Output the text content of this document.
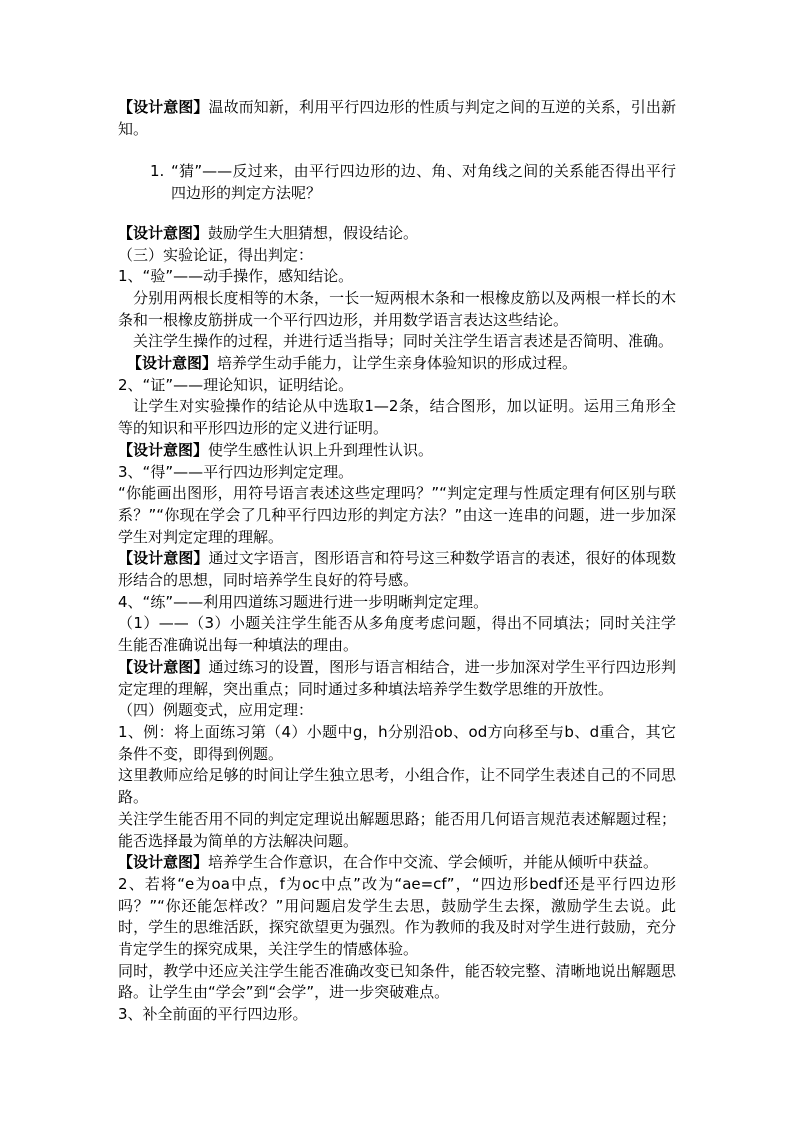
【设计意图】温故而知新，利用平行四边形的性质与判定之间的互逆的关系，引出新知。

1. “猜”——反过来，由平行四边形的边、角、对角线之间的关系能否得出平行四边形的判定方法呢？

【设计意图】鼓励学生大胆猜想，假设结论。

（三）实验论证，得出判定：

1、“验”——动手操作，感知结论。

分别用两根长度相等的木条，一长一短两根木条和一根橡皮筋以及两根一样长的木条和一根橡皮筋拼成一个平行四边形，并用数学语言表达这些结论。

关注学生操作的过程，并进行适当指导；同时关注学生语言表述是否简明、准确。

【设计意图】培养学生动手能力，让学生亲身体验知识的形成过程。

2、“证”——理论知识，证明结论。

让学生对实验操作的结论从中选取1—2条，结合图形，加以证明。运用三角形全等的知识和平形四边形的定义进行证明。

【设计意图】使学生感性认识上升到理性认识。

3、“得”——平行四边形判定定理。

“你能画出图形，用符号语言表述这些定理吗？”“判定定理与性质定理有何区别与联系？”“你现在学会了几种平行四边形的判定方法？”由这一连串的问题，进一步加深学生对判定定理的理解。

【设计意图】通过文字语言，图形语言和符号这三种数学语言的表述，很好的体现数形结合的思想，同时培养学生良好的符号感。

4、“练”——利用四道练习题进行进一步明晰判定定理。

（1）——（3）小题关注学生能否从多角度考虑问题，得出不同填法；同时关注学生能否准确说出每一种填法的理由。

【设计意图】通过练习的设置，图形与语言相结合，进一步加深对学生平行四边形判定定理的理解，突出重点；同时通过多种填法培养学生数学思维的开放性。

（四）例题变式，应用定理：

1、例：将上面练习第（4）小题中g，h分别沿ob、od方向移至与b、d重合，其它条件不变，即得到例题。

这里教师应给足够的时间让学生独立思考，小组合作，让不同学生表述自己的不同思路。

关注学生能否用不同的判定定理说出解题思路；能否用几何语言规范表述解题过程；能否选择最为简单的方法解决问题。

【设计意图】培养学生合作意识，在合作中交流、学会倾听，并能从倾听中获益。

2、若将“e为oa中点，f为oc中点”改为“ae=cf”，“四边形bedf还是平行四边形吗？”“你还能怎样改？”用问题启发学生去思，鼓励学生去探，激励学生去说。此时，学生的思维活跃，探究欲望更为强烈。作为教师的我及时对学生进行鼓励，充分肯定学生的探究成果，关注学生的情感体验。

同时，教学中还应关注学生能否准确改变已知条件，能否较完整、清晰地说出解题思路。让学生由“学会”到“会学”，进一步突破难点。

3、补全前面的平行四边形。
